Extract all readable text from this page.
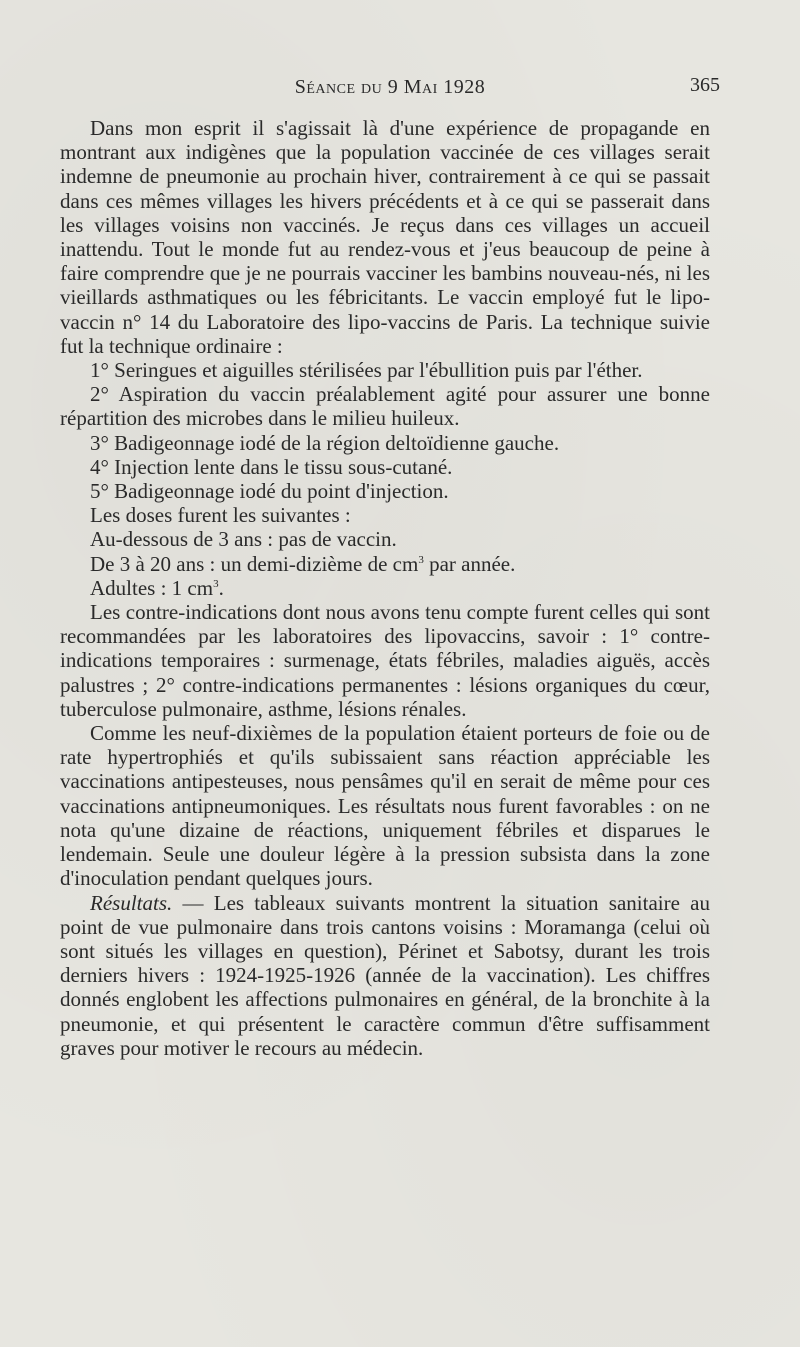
Séance du 9 Mai 1928	365

Dans mon esprit il s'agissait là d'une expérience de propagande en montrant aux indigènes que la population vaccinée de ces villages serait indemne de pneumonie au prochain hiver, contrairement à ce qui se passait dans ces mêmes villages les hivers précédents et à ce qui se passerait dans les villages voisins non vaccinés. Je reçus dans ces villages un accueil inattendu. Tout le monde fut au rendez-vous et j'eus beaucoup de peine à faire comprendre que je ne pourrais vacciner les bambins nouveau-nés, ni les vieillards asthmatiques ou les fébricitants. Le vaccin employé fut le lipo-vaccin n° 14 du Laboratoire des lipo-vaccins de Paris. La technique suivie fut la technique ordinaire :

1° Seringues et aiguilles stérilisées par l'ébullition puis par l'éther.

2° Aspiration du vaccin préalablement agité pour assurer une bonne répartition des microbes dans le milieu huileux.

3° Badigeonnage iodé de la région deltoïdienne gauche.

4° Injection lente dans le tissu sous-cutané.

5° Badigeonnage iodé du point d'injection.

Les doses furent les suivantes :

Au-dessous de 3 ans : pas de vaccin.

De 3 à 20 ans : un demi-dizième de $cm^3$ par année.

Adultes : 1 $cm^3$.

Les contre-indications dont nous avons tenu compte furent celles qui sont recommandées par les laboratoires des lipovaccins, savoir : 1° contre-indications temporaires : surmenage, états fébriles, maladies aiguës, accès palustres ; 2° contre-indications permanentes : lésions organiques du cœur, tuberculose pulmonaire, asthme, lésions rénales.

Comme les neuf-dixièmes de la population étaient porteurs de foie ou de rate hypertrophiés et qu'ils subissaient sans réaction appréciable les vaccinations antipesteuses, nous pensâmes qu'il en serait de même pour ces vaccinations antipneumoniques. Les résultats nous furent favorables : on ne nota qu'une dizaine de réactions, uniquement fébriles et disparues le lendemain. Seule une douleur légère à la pression subsista dans la zone d'inoculation pendant quelques jours.

Résultats. — Les tableaux suivants montrent la situation sanitaire au point de vue pulmonaire dans trois cantons voisins : Moramanga (celui où sont situés les villages en question), Périnet et Sabotsy, durant les trois derniers hivers : 1924-1925-1926 (année de la vaccination). Les chiffres donnés englobent les affections pulmonaires en général, de la bronchite à la pneumonie, et qui présentent le caractère commun d'être suffisamment graves pour motiver le recours au médecin.
